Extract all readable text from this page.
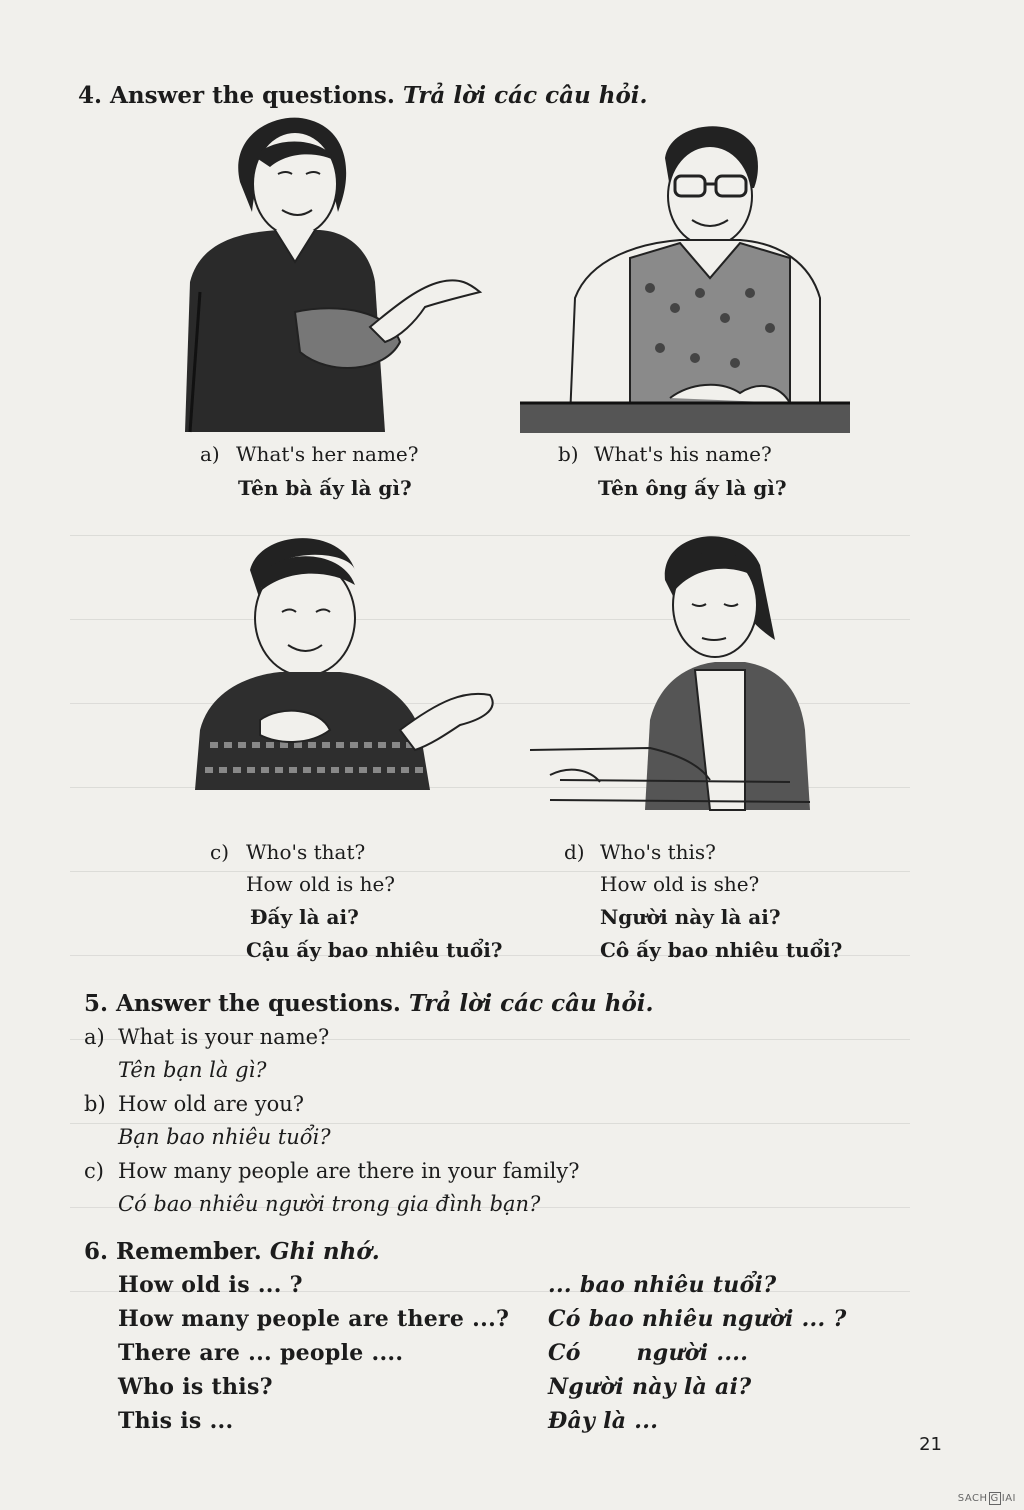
4. Answer the questions. Trả lời các câu hỏi.
a) What's her name?
Tên bà ấy là gì?
b) What's his name?
Tên ông ấy là gì?
c) Who's that?
How old is he?
Đấy là ai?
Cậu ấy bao nhiêu tuổi?
d) Who's this?
How old is she?
Người này là ai?
Cô ấy bao nhiêu tuổi?
5. Answer the questions. Trả lời các câu hỏi.
a) What is your name?
Tên bạn là gì?
b) How old are you?
Bạn bao nhiêu tuổi?
c) How many people are there in your family?
Có bao nhiêu người trong gia đình bạn?
6. Remember. Ghi nhớ.
How old is ... ?	... bao nhiêu tuổi?
How many people are there ...? Có bao nhiêu người ... ?
There are ... people ....	Có       người ....
Who is this?	Người này là ai?
This is ...	Đây là ...
21
SACH G IAI
